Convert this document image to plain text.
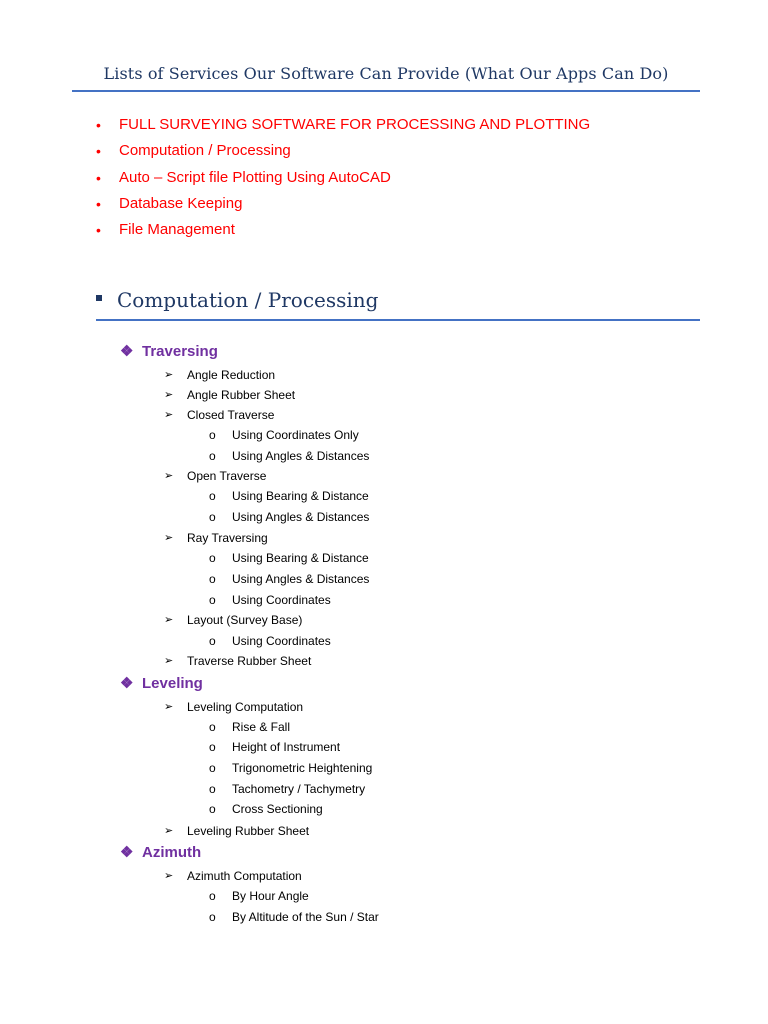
Lists of Services Our Software Can Provide (What Our Apps Can Do)
• FULL SURVEYING SOFTWARE FOR PROCESSING AND PLOTTING
• Computation / Processing
• Auto – Script file Plotting Using AutoCAD
• Database Keeping
• File Management
Computation / Processing
❖ Traversing
➢ Angle Reduction
➢ Angle Rubber Sheet
➢ Closed Traverse
o Using Coordinates Only
o Using Angles & Distances
➢ Open Traverse
o Using Bearing & Distance
o Using Angles & Distances
➢ Ray Traversing
o Using Bearing & Distance
o Using Angles & Distances
o Using Coordinates
➢ Layout (Survey Base)
o Using Coordinates
➢ Traverse Rubber Sheet
❖ Leveling
➢ Leveling Computation
o Rise & Fall
o Height of Instrument
o Trigonometric Heightening
o Tachometry / Tachymetry
o Cross Sectioning
➢ Leveling Rubber Sheet
❖ Azimuth
➢ Azimuth Computation
o By Hour Angle
o By Altitude of the Sun / Star
